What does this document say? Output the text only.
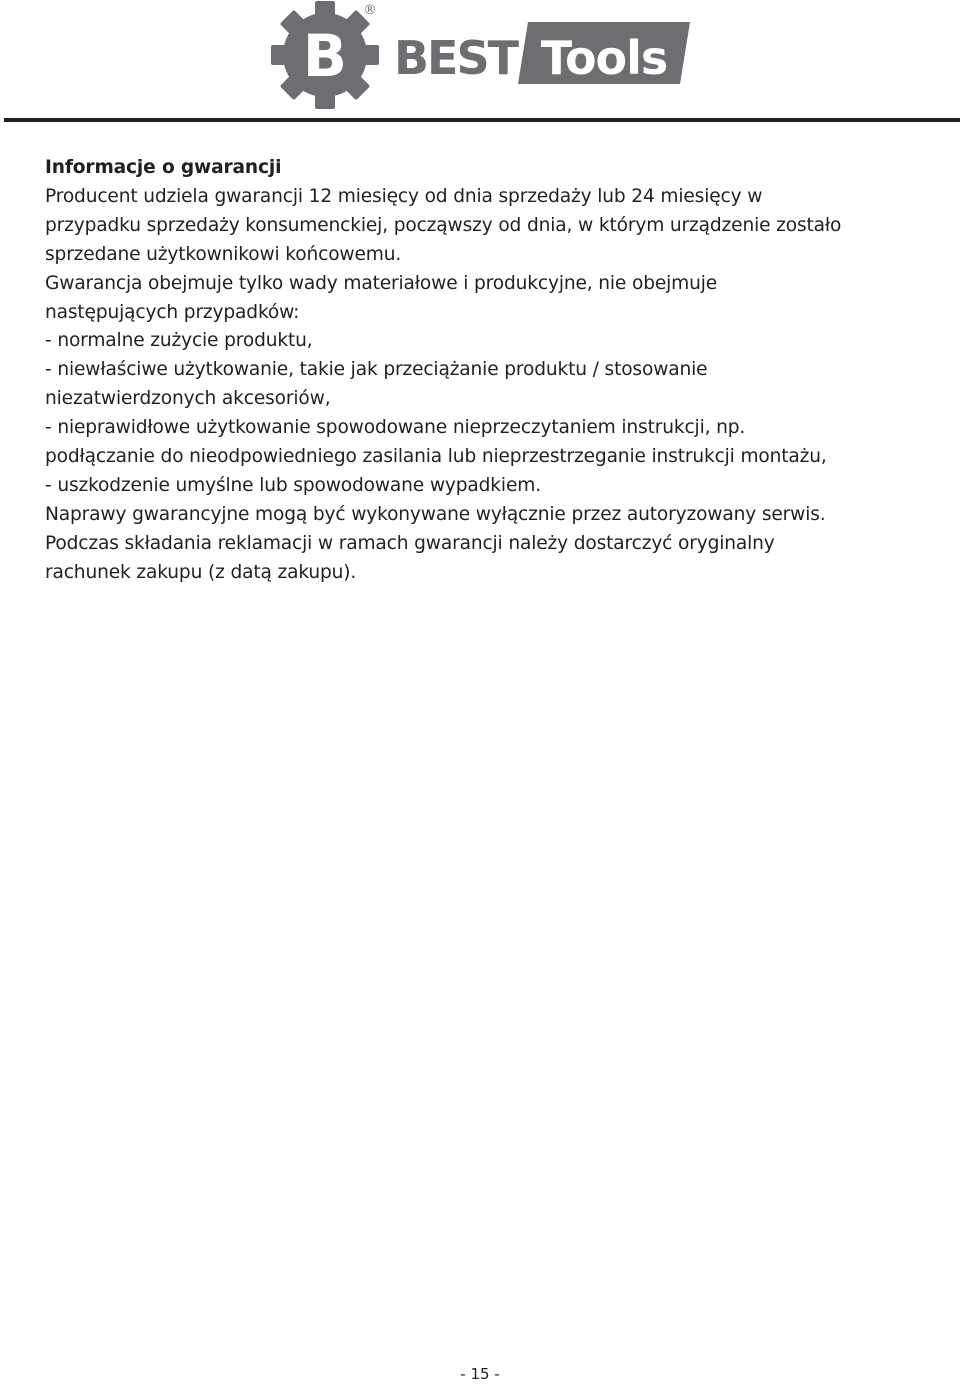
B
®
BEST Tools
Informacje o gwarancji

Producent udziela gwarancji 12 miesięcy od dnia sprzedaży lub 24 miesięcy w
przypadku sprzedaży konsumenckiej, począwszy od dnia, w którym urządzenie zostało
sprzedane użytkownikowi końcowemu.
Gwarancja obejmuje tylko wady materiałowe i produkcyjne, nie obejmuje
następujących przypadków:
- normalne zużycie produktu,
- niewłaściwe użytkowanie, takie jak przeciążanie produktu / stosowanie
niezatwierdzonych akcesoriów,
- nieprawidłowe użytkowanie spowodowane nieprzeczytaniem instrukcji, np.
podłączanie do nieodpowiedniego zasilania lub nieprzestrzeganie instrukcji montażu,
- uszkodzenie umyślne lub spowodowane wypadkiem.
Naprawy gwarancyjne mogą być wykonywane wyłącznie przez autoryzowany serwis.
Podczas składania reklamacji w ramach gwarancji należy dostarczyć oryginalny
rachunek zakupu (z datą zakupu).

- 15 -
